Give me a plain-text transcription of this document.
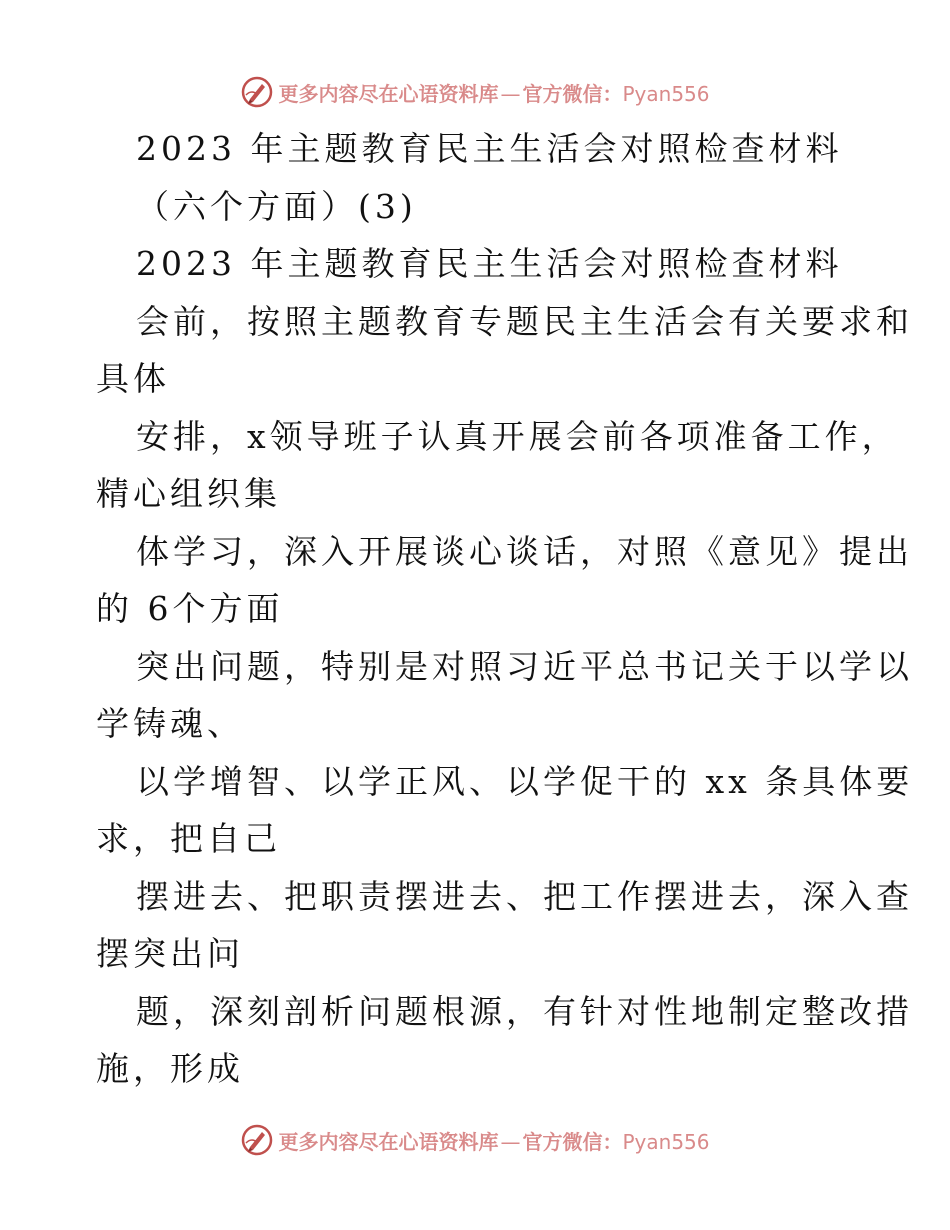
更多内容尽在心语资料库 — 官方微信：Pyan556
2023 年主题教育民主生活会对照检查材料
（六个方面）(3)
2023 年主题教育民主生活会对照检查材料
会前，按照主题教育专题民主生活会有关要求和
具体
安排，x领导班子认真开展会前各项准备工作，
精心组织集
体学习，深入开展谈心谈话，对照《意见》提出
的 6个方面
突出问题，特别是对照习近平总书记关于以学以
学铸魂、
以学增智、以学正风、以学促干的 xx 条具体要
求，把自己
摆进去、把职责摆进去、把工作摆进去，深入查
摆突出问
题，深刻剖析问题根源，有针对性地制定整改措
施，形成
更多内容尽在心语资料库 — 官方微信：Pyan556
